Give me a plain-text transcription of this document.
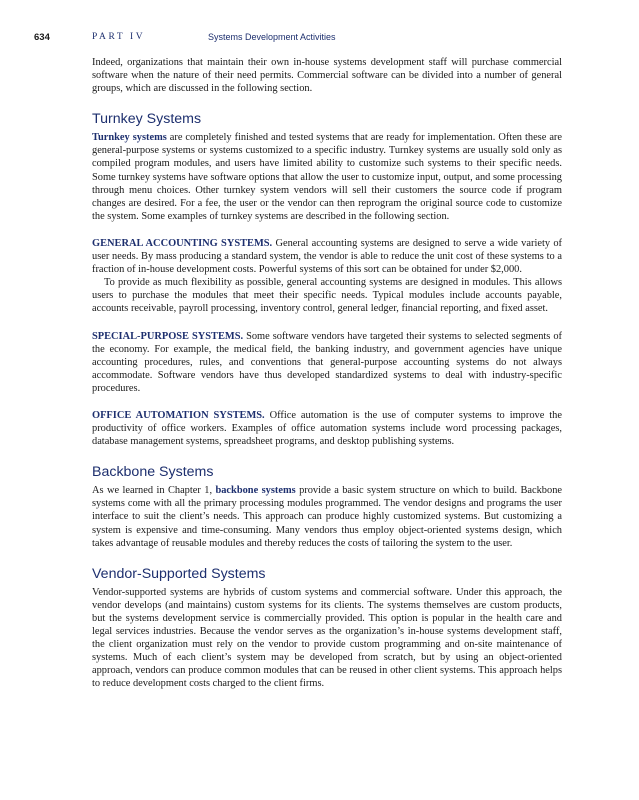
634	PART IV	Systems Development Activities

Indeed, organizations that maintain their own in-house systems development staff will purchase commercial software when the nature of their need permits. Commercial software can be divided into a number of general groups, which are discussed in the following section.

Turnkey Systems

Turnkey systems are completely finished and tested systems that are ready for implementation. Often these are general-purpose systems or systems customized to a specific industry. Turnkey systems are usually sold only as compiled program modules, and users have limited ability to customize such systems to their specific needs. Some turnkey systems have software options that allow the user to customize input, output, and some processing through menu choices. Other turnkey system vendors will sell their customers the source code if program changes are desired. For a fee, the user or the vendor can then reprogram the original source code to customize the system. Some examples of turnkey systems are described in the following section.

GENERAL ACCOUNTING SYSTEMS. General accounting systems are designed to serve a wide variety of user needs. By mass producing a standard system, the vendor is able to reduce the unit cost of these systems to a fraction of in-house development costs. Powerful systems of this sort can be obtained for under $2,000.

To provide as much flexibility as possible, general accounting systems are designed in modules. This allows users to purchase the modules that meet their specific needs. Typical modules include accounts payable, accounts receivable, payroll processing, inventory control, general ledger, financial reporting, and fixed asset.

SPECIAL-PURPOSE SYSTEMS. Some software vendors have targeted their systems to selected segments of the economy. For example, the medical field, the banking industry, and government agencies have unique accounting procedures, rules, and conventions that general-purpose accounting systems do not always accommodate. Software vendors have thus developed standardized systems to deal with industry-specific procedures.

OFFICE AUTOMATION SYSTEMS. Office automation is the use of computer systems to improve the productivity of office workers. Examples of office automation systems include word processing packages, database management systems, spreadsheet programs, and desktop publishing systems.

Backbone Systems

As we learned in Chapter 1, backbone systems provide a basic system structure on which to build. Backbone systems come with all the primary processing modules programmed. The vendor designs and programs the user interface to suit the client’s needs. This approach can produce highly customized systems. But customizing a system is expensive and time-consuming. Many vendors thus employ object-oriented systems design, which takes advantage of reusable modules and thereby reduces the costs of tailoring the system to the user.

Vendor-Supported Systems

Vendor-supported systems are hybrids of custom systems and commercial software. Under this approach, the vendor develops (and maintains) custom systems for its clients. The systems themselves are custom products, but the systems development service is commercially provided. This option is popular in the health care and legal services industries. Because the vendor serves as the organization’s in-house systems development staff, the client organization must rely on the vendor to provide custom programming and on-site maintenance of systems. Much of each client’s system may be developed from scratch, but by using an object-oriented approach, vendors can produce common modules that can be reused in other client systems. This approach helps to reduce development costs charged to the client firms.
